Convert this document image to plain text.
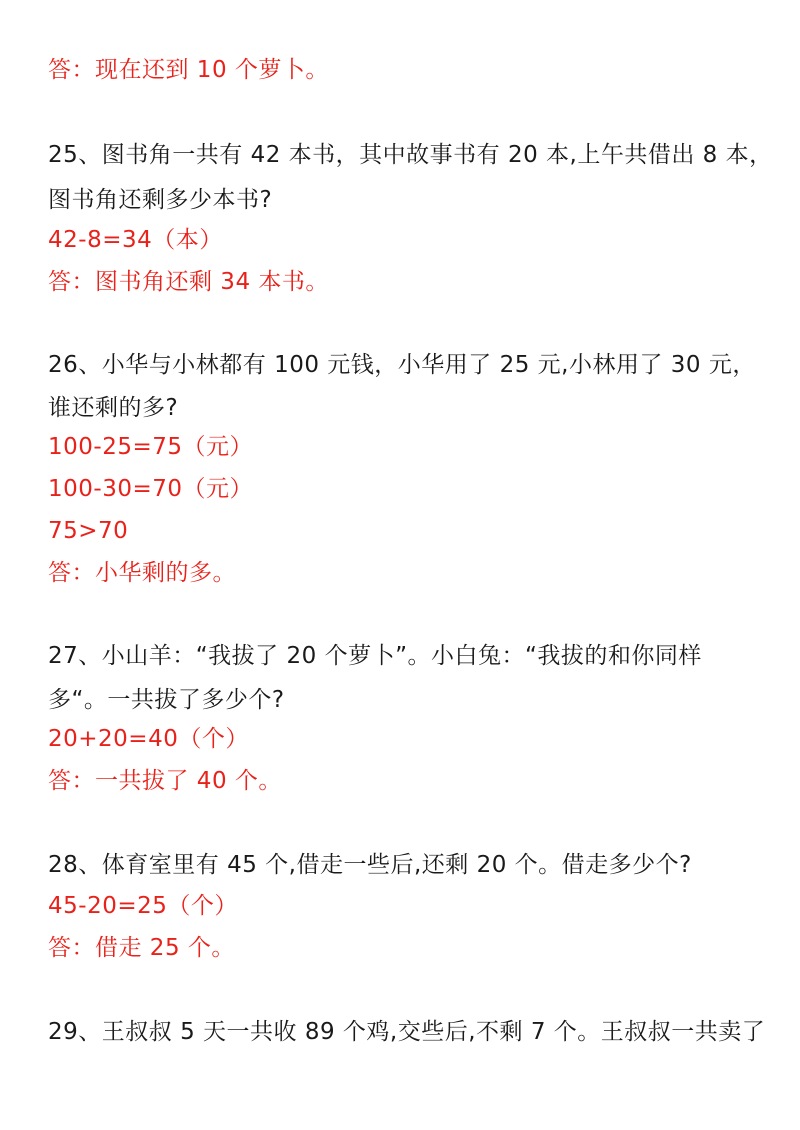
答：现在还到 10 个萝卜。
25、图书角一共有 42 本书，其中故事书有 20 本,上午共借出 8 本，
图书角还剩多少本书?
42-8=34（本）
答：图书角还剩 34 本书。
26、小华与小林都有 100 元钱，小华用了 25 元,小林用了 30 元，
谁还剩的多?
100-25=75（元）
100-30=70（元）
75>70
答：小华剩的多。
27、小山羊：“我拔了 20 个萝卜”。小白兔：“我拔的和你同样
多“。一共拔了多少个?
20+20=40（个）
答：一共拔了 40 个。
28、体育室里有 45 个,借走一些后,还剩 20 个。借走多少个?
45-20=25（个）
答：借走 25 个。
29、王叔叔 5 天一共收 89 个鸡,交些后,不剩 7 个。王叔叔一共卖了
